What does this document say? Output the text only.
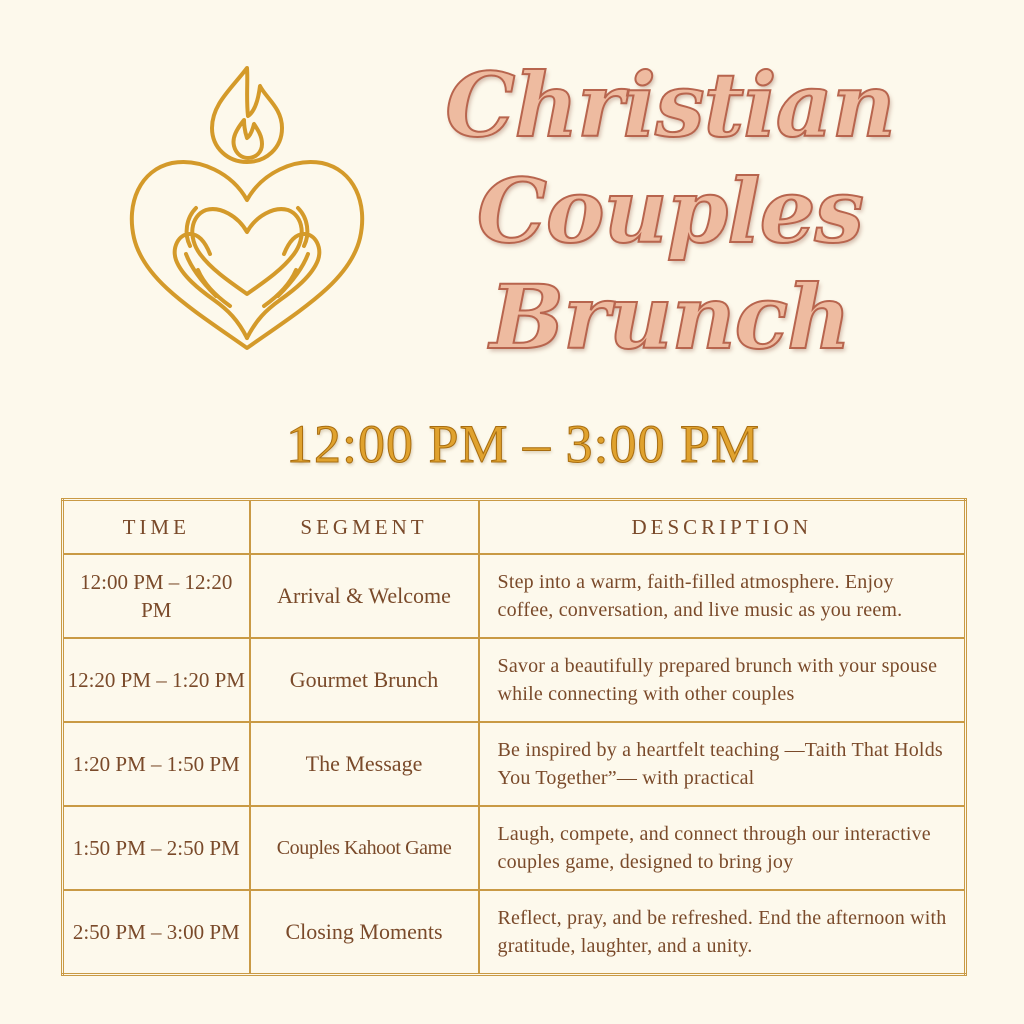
Christian
Couples
Brunch
12:00 PM – 3:00 PM
TIME	SEGMENT	DESCRIPTION
12:00 PM – 12:20 PM	Arrival & Welcome	Step into a warm, faith-filled atmosphere. Enjoy coffee, conversation, and live music as you reem.
12:20 PM – 1:20 PM	Gourmet Brunch	Savor a beautifully prepared brunch with your spouse while connecting with other couples
1:20 PM – 1:50 PM	The Message	Be inspired by a heartfelt teaching —Taith That Holds You Together”— with practical
1:50 PM – 2:50 PM	Couples Kahoot Game	Laugh, compete, and connect through our interactive couples game, designed to bring joy
2:50 PM – 3:00 PM	Closing Moments	Reflect, pray, and be refreshed. End the afternoon with gratitude, laughter, and a unity.
